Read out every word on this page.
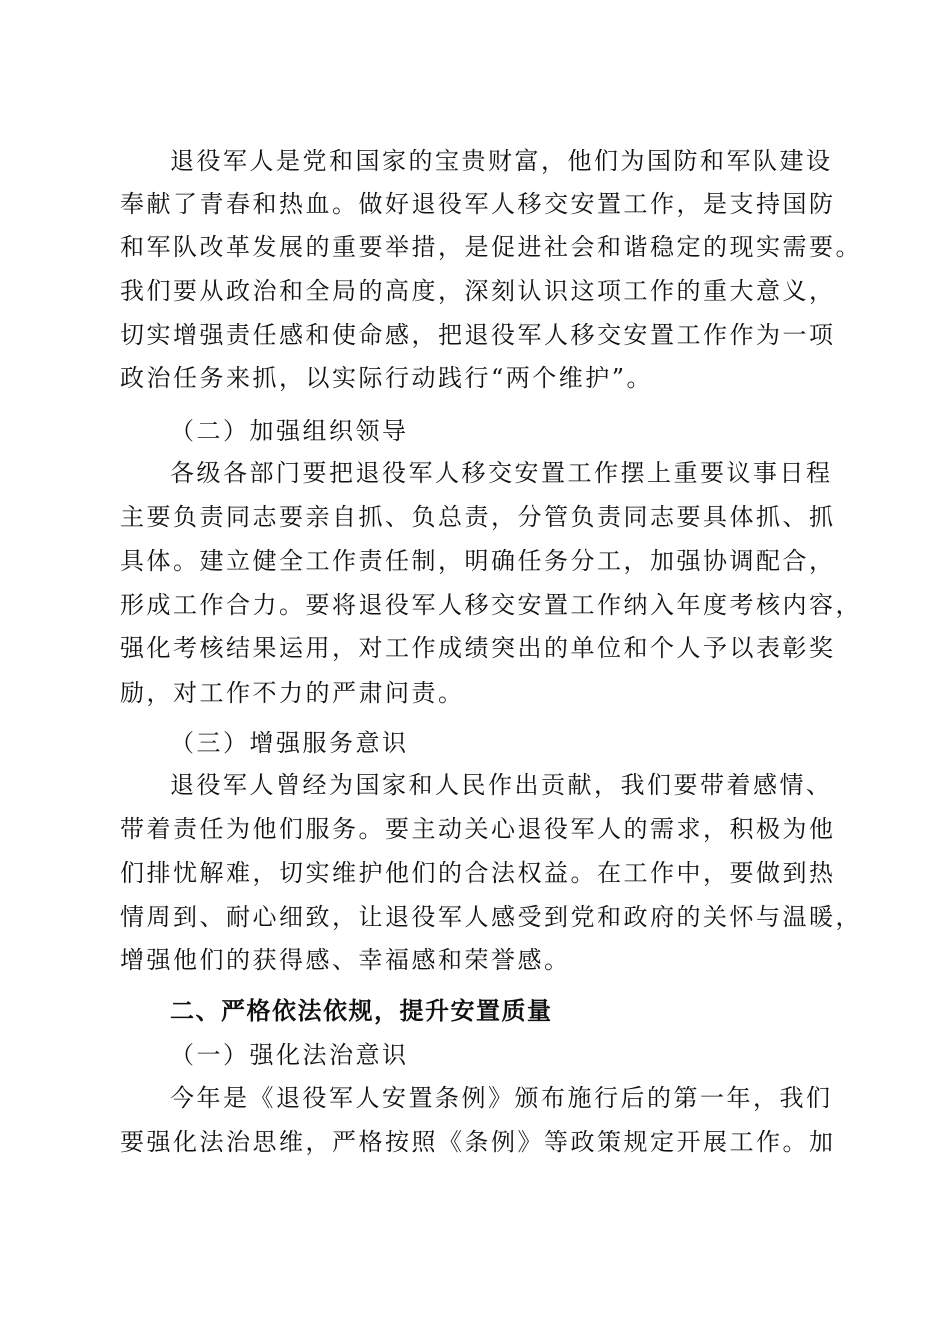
退役军人是党和国家的宝贵财富，他们为国防和军队建设
奉献了青春和热血。做好退役军人移交安置工作，是支持国防
和军队改革发展的重要举措，是促进社会和谐稳定的现实需要。
我们要从政治和全局的高度，深刻认识这项工作的重大意义，
切实增强责任感和使命感，把退役军人移交安置工作作为一项
政治任务来抓，以实际行动践行“两个维护”。
（二）加强组织领导
各级各部门要把退役军人移交安置工作摆上重要议事日程
主要负责同志要亲自抓、负总责，分管负责同志要具体抓、抓
具体。建立健全工作责任制，明确任务分工，加强协调配合，
形成工作合力。要将退役军人移交安置工作纳入年度考核内容，
强化考核结果运用，对工作成绩突出的单位和个人予以表彰奖
励，对工作不力的严肃问责。
（三）增强服务意识
退役军人曾经为国家和人民作出贡献，我们要带着感情、
带着责任为他们服务。要主动关心退役军人的需求，积极为他
们排忧解难，切实维护他们的合法权益。在工作中，要做到热
情周到、耐心细致，让退役军人感受到党和政府的关怀与温暖，
增强他们的获得感、幸福感和荣誉感。
二、严格依法依规，提升安置质量
（一）强化法治意识
今年是《退役军人安置条例》颁布施行后的第一年，我们
要强化法治思维，严格按照《条例》等政策规定开展工作。加
